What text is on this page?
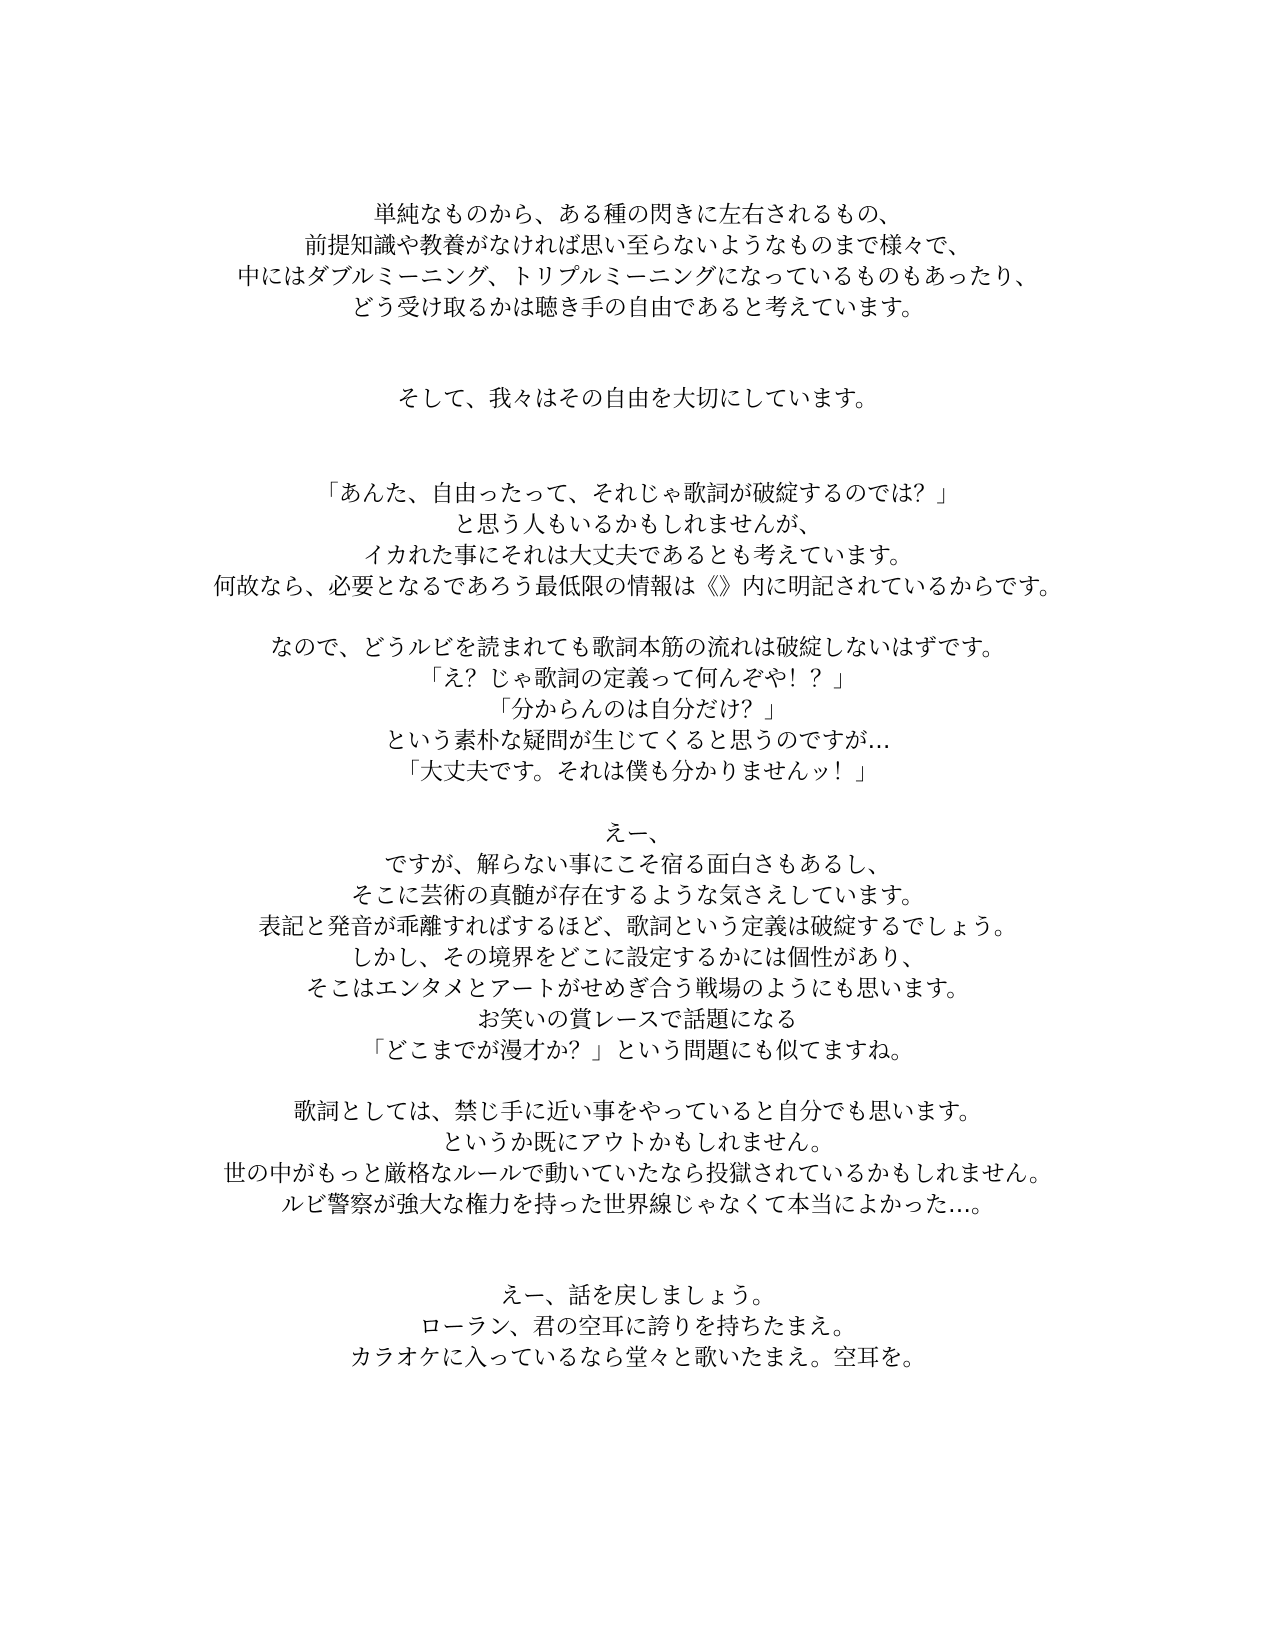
単純なものから、ある種の閃きに左右されるもの、
前提知識や教養がなければ思い至らないようなものまで様々で、
中にはダブルミーニング、トリプルミーニングになっているものもあったり、
どう受け取るかは聴き手の自由であると考えています。
そして、我々はその自由を大切にしています。
「あんた、自由ったって、それじゃ歌詞が破綻するのでは？」
と思う人もいるかもしれませんが、
イカれた事にそれは大丈夫であるとも考えています。
何故なら、必要となるであろう最低限の情報は《》内に明記されているからです。
なので、どうルビを読まれても歌詞本筋の流れは破綻しないはずです。
「え？じゃ歌詞の定義って何んぞや！？」
「分からんのは自分だけ？」
という素朴な疑問が生じてくると思うのですが…
「大丈夫です。それは僕も分かりませんッ！」
えー、
ですが、解らない事にこそ宿る面白さもあるし、
そこに芸術の真髄が存在するような気さえしています。
表記と発音が乖離すればするほど、歌詞という定義は破綻するでしょう。
しかし、その境界をどこに設定するかには個性があり、
そこはエンタメとアートがせめぎ合う戦場のようにも思います。
お笑いの賞レースで話題になる
「どこまでが漫才か？」という問題にも似てますね。
歌詞としては、禁じ手に近い事をやっていると自分でも思います。
というか既にアウトかもしれません。
世の中がもっと厳格なルールで動いていたなら投獄されているかもしれません。
ルビ警察が強大な権力を持った世界線じゃなくて本当によかった…。
えー、話を戻しましょう。
ローラン、君の空耳に誇りを持ちたまえ。
カラオケに入っているなら堂々と歌いたまえ。空耳を。
